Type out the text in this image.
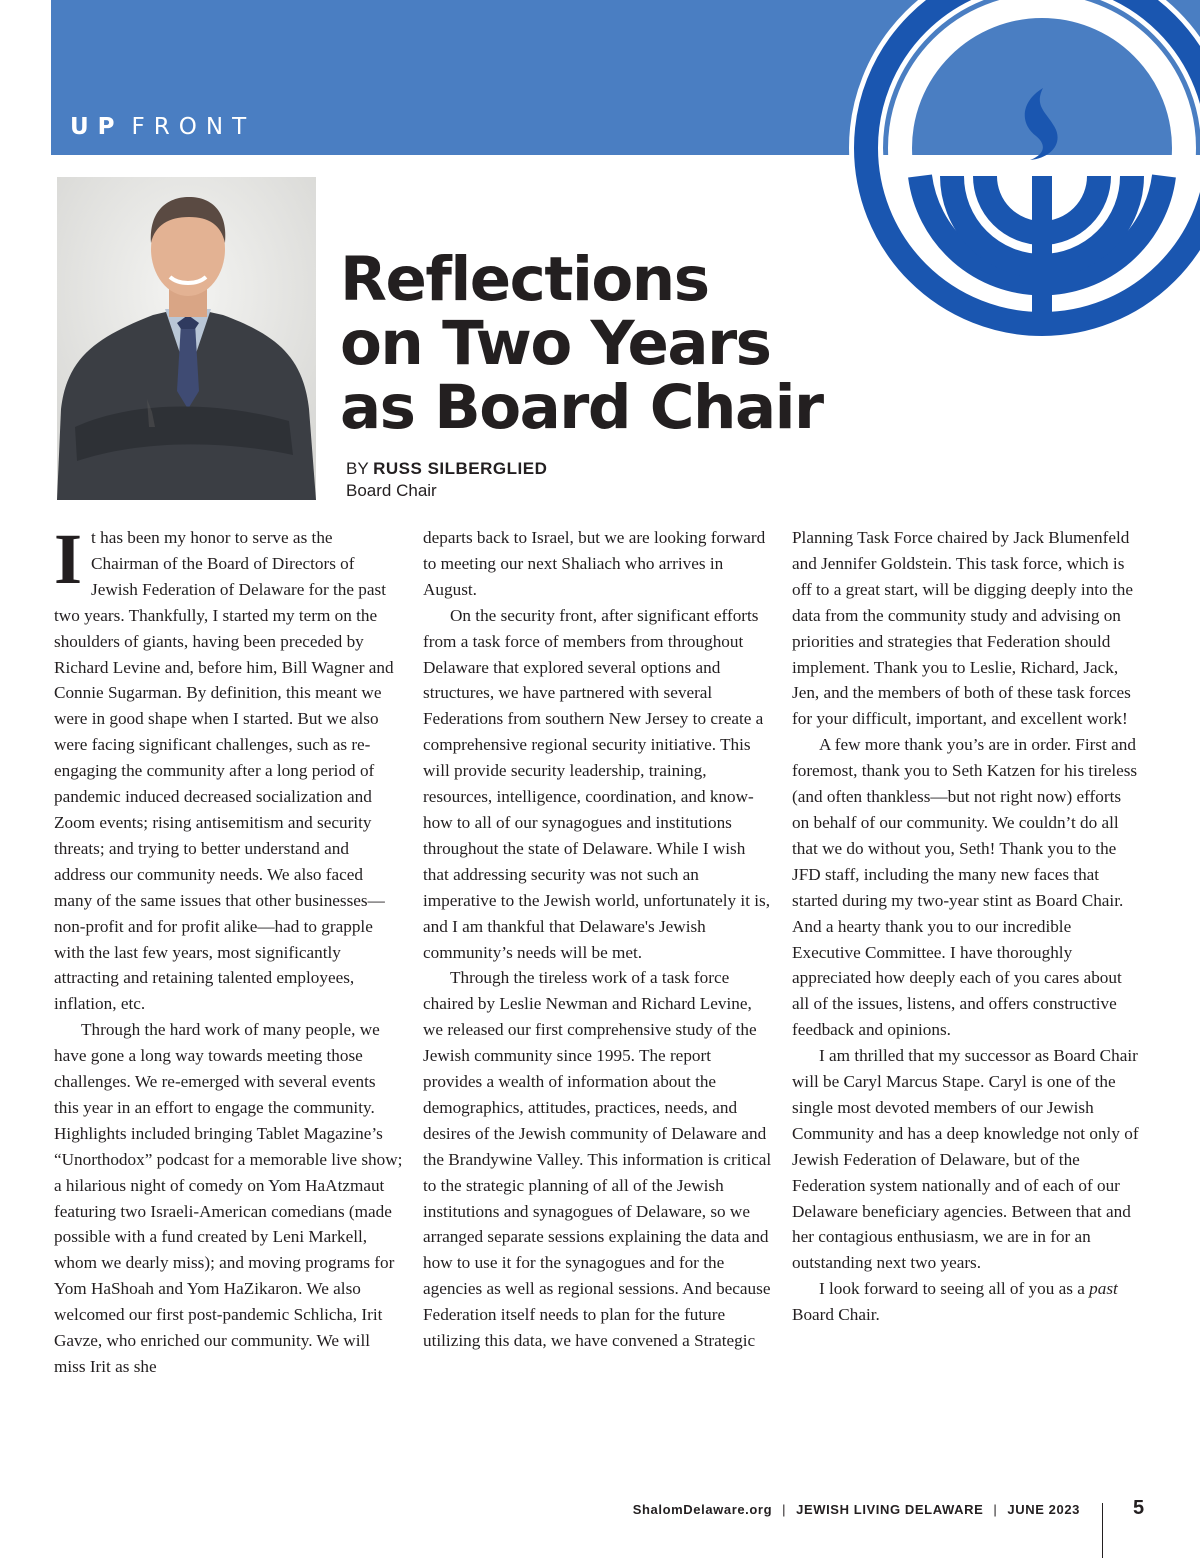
UP FRONT
Reflections
on Two Years
as Board Chair
BY RUSS SILBERGLIED
Board Chair

It has been my honor to serve as the Chairman of the Board of Directors of Jewish Federation of Delaware for the past two years. Thankfully, I started my term on the shoulders of giants, having been preceded by Richard Levine and, before him, Bill Wagner and Connie Sugarman. By definition, this meant we were in good shape when I started. But we also were facing significant challenges, such as re-engaging the community after a long period of pandemic induced decreased socialization and Zoom events; rising antisemitism and security threats; and trying to better understand and address our community needs. We also faced many of the same issues that other businesses—non-profit and for profit alike—had to grapple with the last few years, most significantly attracting and retaining talented employees, inflation, etc.

Through the hard work of many people, we have gone a long way towards meeting those challenges. We re-emerged with several events this year in an effort to engage the community. Highlights included bringing Tablet Magazine’s “Unorthodox” podcast for a memorable live show; a hilarious night of comedy on Yom HaAtzmaut featuring two Israeli-American comedians (made possible with a fund created by Leni Markell, whom we dearly miss); and moving programs for Yom HaShoah and Yom HaZikaron. We also welcomed our first post-pandemic Schlicha, Irit Gavze, who enriched our community. We will miss Irit as she

departs back to Israel, but we are looking forward to meeting our next Shaliach who arrives in August.

On the security front, after significant efforts from a task force of members from throughout Delaware that explored several options and structures, we have partnered with several Federations from southern New Jersey to create a comprehensive regional security initiative. This will provide security leadership, training, resources, intelligence, coordination, and know-how to all of our synagogues and institutions throughout the state of Delaware. While I wish that addressing security was not such an imperative to the Jewish world, unfortunately it is, and I am thankful that Delaware's Jewish community’s needs will be met.

Through the tireless work of a task force chaired by Leslie Newman and Richard Levine, we released our first comprehensive study of the Jewish community since 1995. The report provides a wealth of information about the demographics, attitudes, practices, needs, and desires of the Jewish community of Delaware and the Brandywine Valley. This information is critical to the strategic planning of all of the Jewish institutions and synagogues of Delaware, so we arranged separate sessions explaining the data and how to use it for the synagogues and for the agencies as well as regional sessions. And because Federation itself needs to plan for the future utilizing this data, we have convened a Strategic

Planning Task Force chaired by Jack Blumenfeld and Jennifer Goldstein. This task force, which is off to a great start, will be digging deeply into the data from the community study and advising on priorities and strategies that Federation should implement. Thank you to Leslie, Richard, Jack, Jen, and the members of both of these task forces for your difficult, important, and excellent work!

A few more thank you’s are in order. First and foremost, thank you to Seth Katzen for his tireless (and often thankless—but not right now) efforts on behalf of our community. We couldn’t do all that we do without you, Seth! Thank you to the JFD staff, including the many new faces that started during my two-year stint as Board Chair. And a hearty thank you to our incredible Executive Committee. I have thoroughly appreciated how deeply each of you cares about all of the issues, listens, and offers constructive feedback and opinions.

I am thrilled that my successor as Board Chair will be Caryl Marcus Stape. Caryl is one of the single most devoted members of our Jewish Community and has a deep knowledge not only of Jewish Federation of Delaware, but of the Federation system nationally and of each of our Delaware beneficiary agencies. Between that and her contagious enthusiasm, we are in for an outstanding next two years.

I look forward to seeing all of you as a past Board Chair.

ShalomDelaware.org | JEWISH LIVING DELAWARE | JUNE 2023	5
